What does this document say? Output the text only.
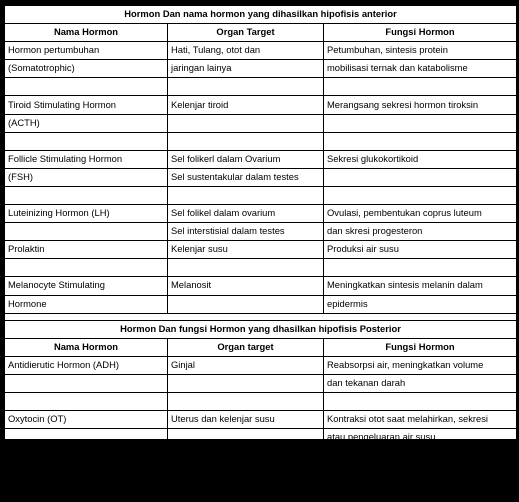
Hormon Dan nama hormon yang dihasilkan hipofisis anterior		
Nama Hormon	Organ Target	Fungsi Hormon
Hormon pertumbuhan	Hati, Tulang, otot dan	Petumbuhan, sintesis protein
(Somatotrophic)	jaringan lainya	mobilisasi ternak dan katabolisme

Tiroid Stimulating Hormon	Kelenjar tiroid	Merangsang sekresi hormon tiroksin
(ACTH)		

Follicle Stimulating Hormon	Sel folikerl dalam Ovarium	Sekresi glukokortikoid
(FSH)	Sel sustentakular dalam testes	

Luteinizing Hormon (LH)	Sel folikel dalam ovarium	Ovulasi, pembentukan coprus luteum
	Sel interstisial dalam testes	dan skresi progesteron
Prolaktin	Kelenjar susu	Produksi air susu

Melanocyte Stimulating	Melanosit	Meningkatkan sintesis melanin dalam
Hormone		epidermis

Hormon Dan fungsi Hormon yang dhasilkan hipofisis Posterior		
Nama Hormon	Organ target	Fungsi Hormon
Antidierutic Hormon (ADH)	Ginjal	Reabsorpsi air, meningkatkan volume
		dan tekanan darah

Oxytocin (OT)	Uterus dan kelenjar susu	Kontraksi otot saat melahirkan, sekresi
		atau pengeluaran air susu

	Duktus deferen dan kelenjar	Kontraksi duktus deferen dan kelenjar
	prostat	prostat
